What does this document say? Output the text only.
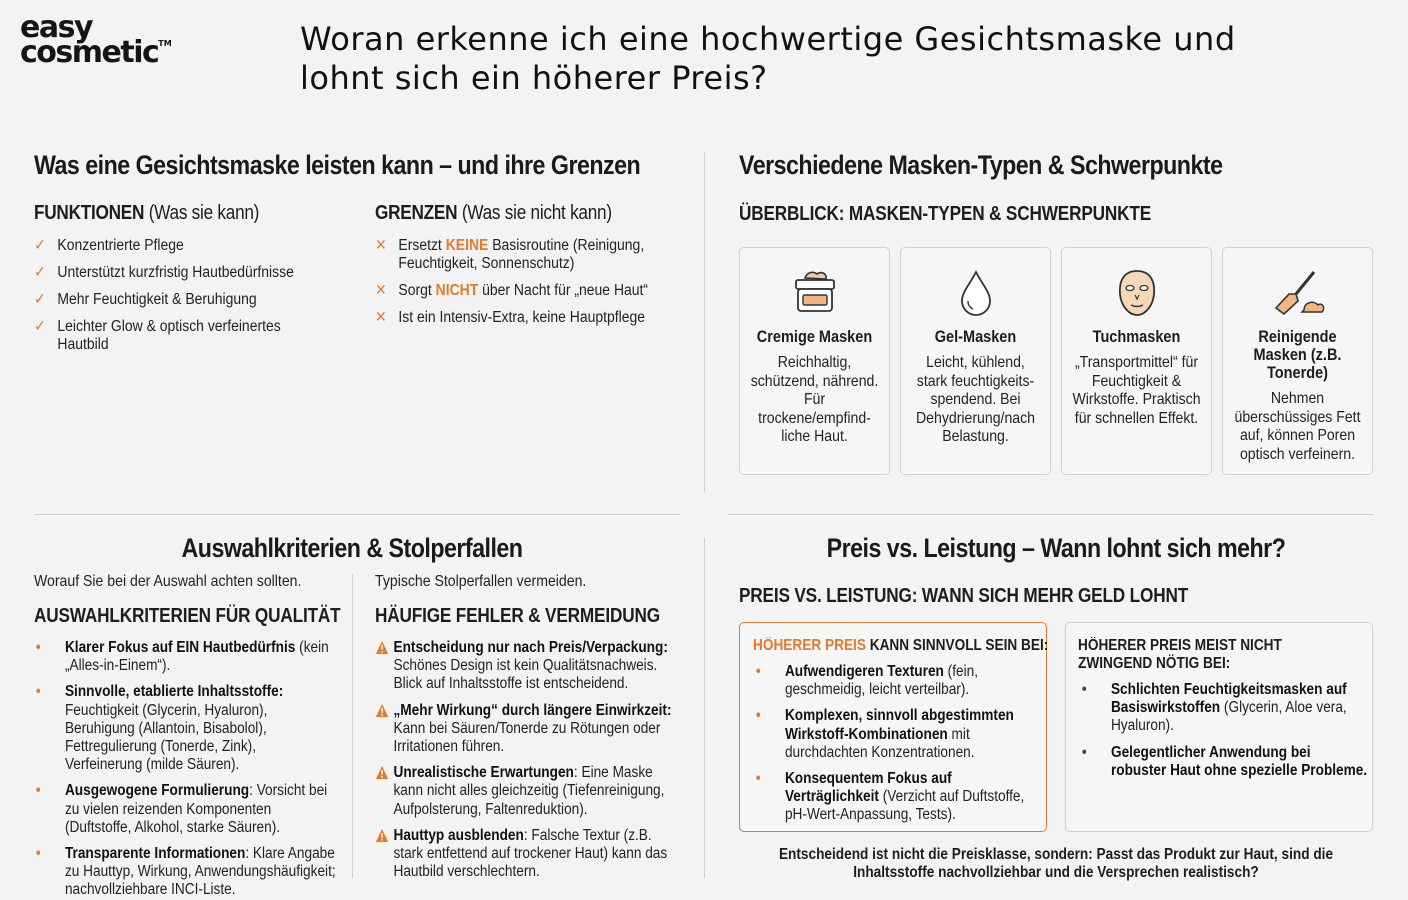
easy
cosmetic™	Woran erkenne ich eine hochwertige Gesichtsmaske und lohnt sich ein höherer Preis?
Was eine Gesichtsmaske leisten kann – und ihre Grenzen
FUNKTIONEN (Was sie kann)
✓ Konzentrierte Pflege
✓ Unterstützt kurzfristig Hautbedürfnisse
✓ Mehr Feuchtigkeit & Beruhigung
✓ Leichter Glow & optisch verfeinertes Hautbild
GRENZEN (Was sie nicht kann)
✕ Ersetzt KEINE Basisroutine (Reinigung, Feuchtigkeit, Sonnenschutz)
✕ Sorgt NICHT über Nacht für „neue Haut“
✕ Ist ein Intensiv-Extra, keine Hauptpflege
Verschiedene Masken-Typen & Schwerpunkte
ÜBERBLICK: MASKEN-TYPEN & SCHWERPUNKTE
Cremige Masken
Reichhaltig, schützend, nährend. Für trockene/empfind-liche Haut.
Gel-Masken
Leicht, kühlend, stark feuchtigkeits-spendend. Bei Dehydrierung/nach Belastung.
Tuchmasken
„Transportmittel“ für Feuchtigkeit & Wirkstoffe. Praktisch für schnellen Effekt.
Reinigende Masken (z.B. Tonerde)
Nehmen überschüssiges Fett auf, können Poren optisch verfeinern.
Auswahlkriterien & Stolperfallen
Worauf Sie bei der Auswahl achten sollten.
AUSWAHLKRITERIEN FÜR QUALITÄT
• Klarer Fokus auf EIN Hautbedürfnis (kein „Alles-in-Einem“).
• Sinnvolle, etablierte Inhaltsstoffe: Feuchtigkeit (Glycerin, Hyaluron), Beruhigung (Allantoin, Bisabolol), Fettregulierung (Tonerde, Zink), Verfeinerung (milde Säuren).
• Ausgewogene Formulierung: Vorsicht bei zu vielen reizenden Komponenten (Duftstoffe, Alkohol, starke Säuren).
• Transparente Informationen: Klare Angabe zu Hauttyp, Wirkung, Anwendungshäufigkeit; nachvollziehbare INCI-Liste.
Typische Stolperfallen vermeiden.
HÄUFIGE FEHLER & VERMEIDUNG
Entscheidung nur nach Preis/Verpackung: Schönes Design ist kein Qualitätsnachweis. Blick auf Inhaltsstoffe ist entscheidend.
„Mehr Wirkung“ durch längere Einwirkzeit: Kann bei Säuren/Tonerde zu Rötungen oder Irritationen führen.
Unrealistische Erwartungen: Eine Maske kann nicht alles gleichzeitig (Tiefenreinigung, Aufpolsterung, Faltenreduktion).
Hauttyp ausblenden: Falsche Textur (z.B. stark entfettend auf trockener Haut) kann das Hautbild verschlechtern.
Preis vs. Leistung – Wann lohnt sich mehr?
PREIS VS. LEISTUNG: WANN SICH MEHR GELD LOHNT
HÖHERER PREIS KANN SINNVOLL SEIN BEI:
• Aufwendigeren Texturen (fein, geschmeidig, leicht verteilbar).
• Komplexen, sinnvoll abgestimmten Wirkstoff-Kombinationen mit durchdachten Konzentrationen.
• Konsequentem Fokus auf Verträglichkeit (Verzicht auf Duftstoffe, pH-Wert-Anpassung, Tests).
HÖHERER PREIS MEIST NICHT ZWINGEND NÖTIG BEI:
• Schlichten Feuchtigkeitsmasken auf Basiswirkstoffen (Glycerin, Aloe vera, Hyaluron).
• Gelegentlicher Anwendung bei robuster Haut ohne spezielle Probleme.
Entscheidend ist nicht die Preisklasse, sondern: Passt das Produkt zur Haut, sind die Inhaltsstoffe nachvollziehbar und die Versprechen realistisch?
